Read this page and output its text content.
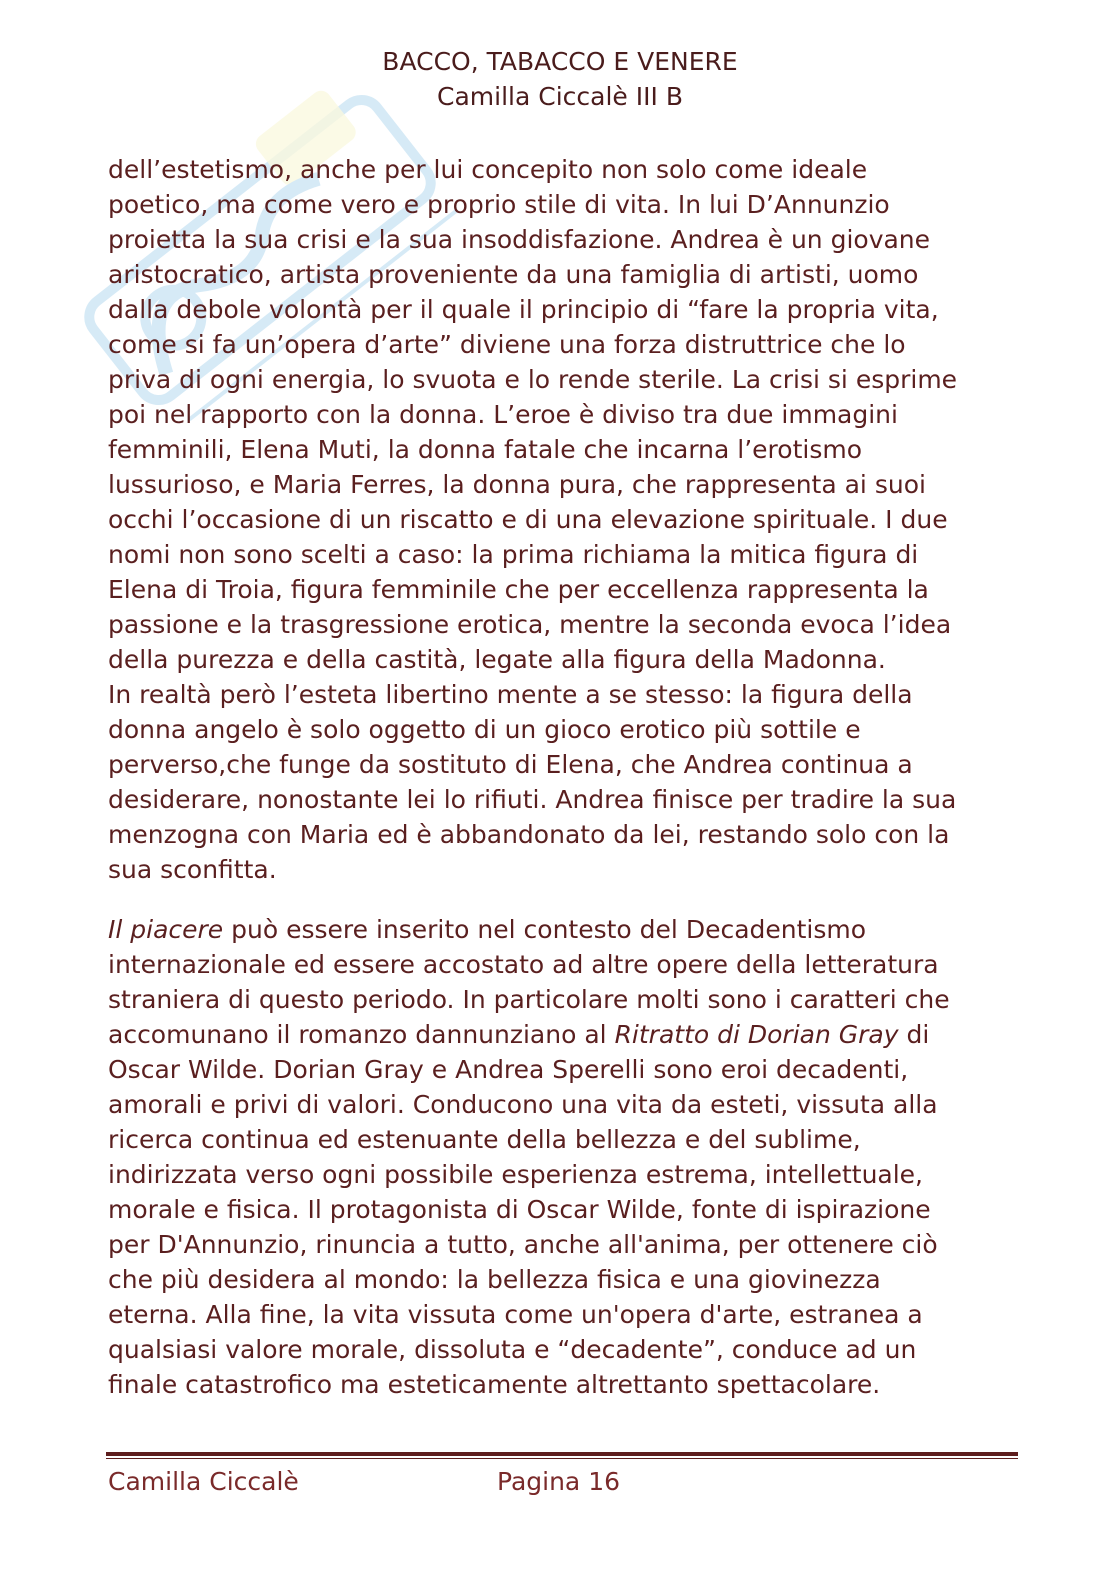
BACCO, TABACCO E VENERE
Camilla Ciccalè III B
dell’estetismo, anche per lui concepito non solo come ideale
poetico, ma come vero e proprio stile di vita. In lui D’Annunzio
proietta la sua crisi e la sua insoddisfazione. Andrea è un giovane
aristocratico, artista proveniente da una famiglia di artisti, uomo
dalla debole volontà per il quale il principio di “fare la propria vita,
come si fa un’opera d’arte” diviene una forza distruttrice che lo
priva di ogni energia, lo svuota e lo rende sterile. La crisi si esprime
poi nel rapporto con la donna. L’eroe è diviso tra due immagini
femminili, Elena Muti, la donna fatale che incarna l’erotismo
lussurioso, e Maria Ferres, la donna pura, che rappresenta ai suoi
occhi l’occasione di un riscatto e di una elevazione spirituale. I due
nomi non sono scelti a caso: la prima richiama la mitica figura di
Elena di Troia, figura femminile che per eccellenza rappresenta la
passione e la trasgressione erotica, mentre la seconda evoca l’idea
della purezza e della castità, legate alla figura della Madonna.
In realtà però l’esteta libertino mente a se stesso: la figura della
donna angelo è solo oggetto di un gioco erotico più sottile e
perverso,che funge da sostituto di Elena, che Andrea continua a
desiderare, nonostante lei lo rifiuti. Andrea finisce per tradire la sua
menzogna con Maria ed è abbandonato da lei, restando solo con la
sua sconfitta.
Il piacere può essere inserito nel contesto del Decadentismo
internazionale ed essere accostato ad altre opere della letteratura
straniera di questo periodo. In particolare molti sono i caratteri che
accomunano il romanzo dannunziano al Ritratto di Dorian Gray di
Oscar Wilde. Dorian Gray e Andrea Sperelli sono eroi decadenti,
amorali e privi di valori. Conducono una vita da esteti, vissuta alla
ricerca continua ed estenuante della bellezza e del sublime,
indirizzata verso ogni possibile esperienza estrema, intellettuale,
morale e fisica. Il protagonista di Oscar Wilde, fonte di ispirazione
per D'Annunzio, rinuncia a tutto, anche all'anima, per ottenere ciò
che più desidera al mondo: la bellezza fisica e una giovinezza
eterna. Alla fine, la vita vissuta come un'opera d'arte, estranea a
qualsiasi valore morale, dissoluta e “decadente”, conduce ad un
finale catastrofico ma esteticamente altrettanto spettacolare.
Camilla Ciccalè	Pagina 16
